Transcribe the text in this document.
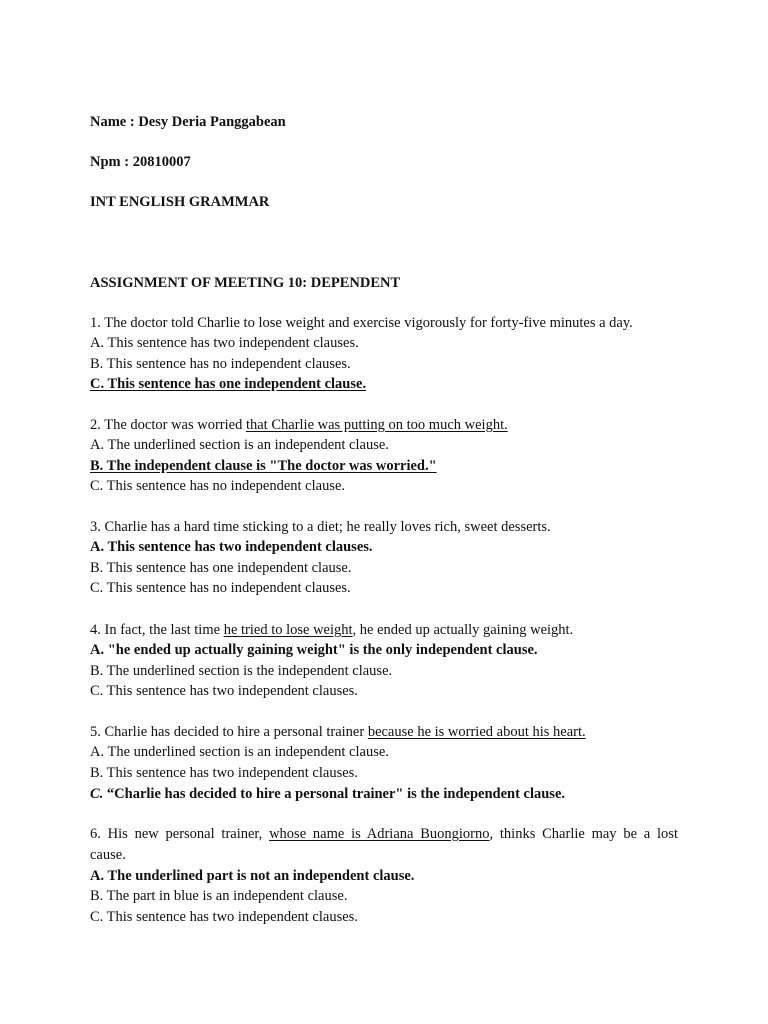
Name : Desy Deria Panggabean
Npm : 20810007
INT ENGLISH GRAMMAR
ASSIGNMENT OF MEETING 10: DEPENDENT
1. The doctor told Charlie to lose weight and exercise vigorously for forty-five minutes a day.
A. This sentence has two independent clauses.
B. This sentence has no independent clauses.
C. This sentence has one independent clause.
2. The doctor was worried that Charlie was putting on too much weight.
A. The underlined section is an independent clause.
B. The independent clause is "The doctor was worried."
C. This sentence has no independent clause.
3. Charlie has a hard time sticking to a diet; he really loves rich, sweet desserts.
A. This sentence has two independent clauses.
B. This sentence has one independent clause.
C. This sentence has no independent clauses.
4. In fact, the last time he tried to lose weight, he ended up actually gaining weight.
A. "he ended up actually gaining weight" is the only independent clause.
B. The underlined section is the independent clause.
C. This sentence has two independent clauses.
5. Charlie has decided to hire a personal trainer because he is worried about his heart.
A. The underlined section is an independent clause.
B. This sentence has two independent clauses.
C. “Charlie has decided to hire a personal trainer" is the independent clause.
6. His new personal trainer, whose name is Adriana Buongiorno, thinks Charlie may be a lost
cause.
A. The underlined part is not an independent clause.
B. The part in blue is an independent clause.
C. This sentence has two independent clauses.
